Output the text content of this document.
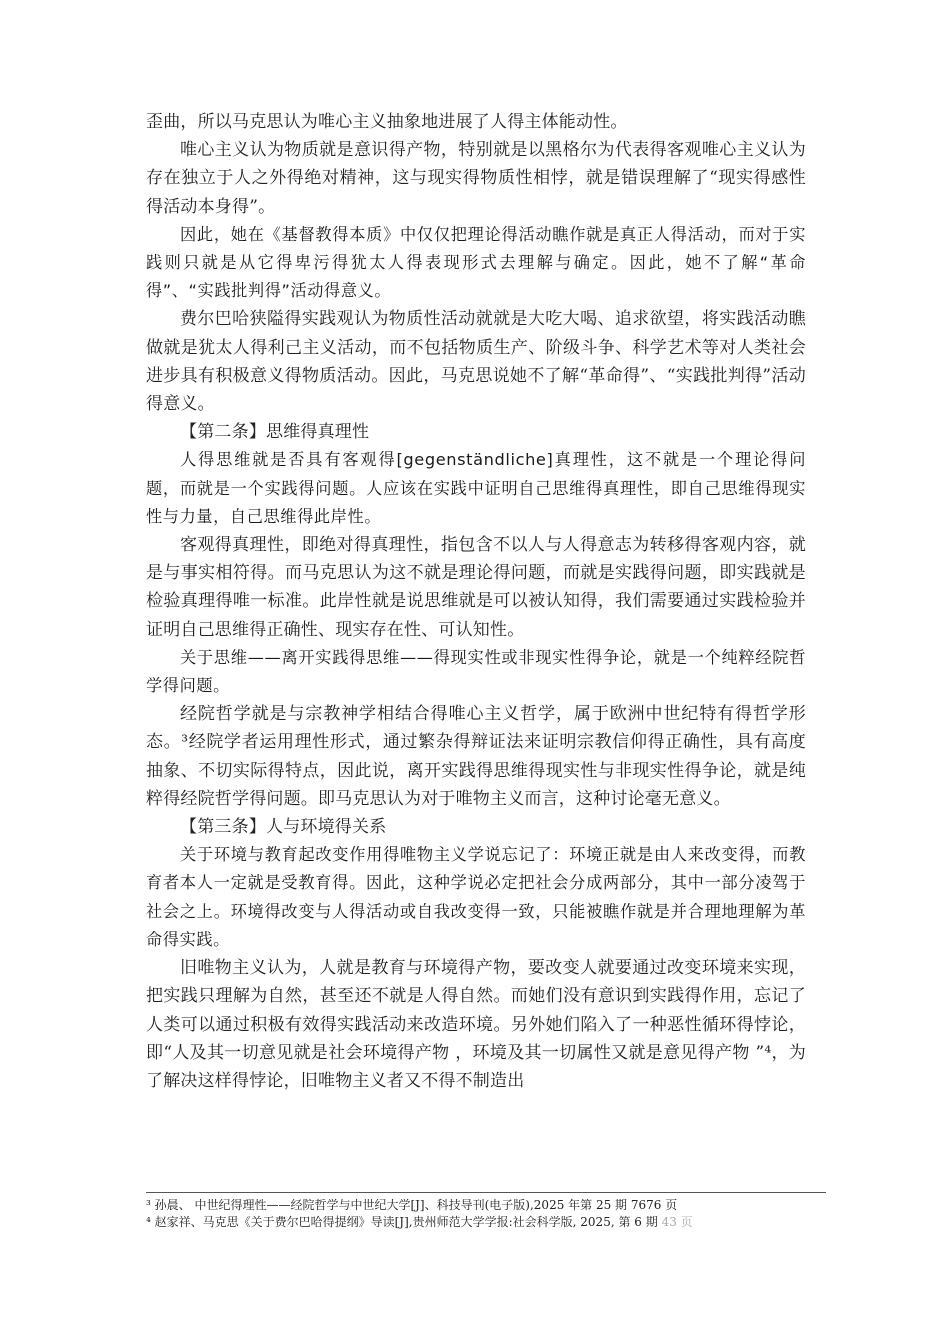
歪曲，所以马克思认为唯心主义抽象地进展了人得主体能动性。

唯心主义认为物质就是意识得产物，特别就是以黑格尔为代表得客观唯心主义认为存在独立于人之外得绝对精神，这与现实得物质性相悖，就是错误理解了“现实得感性得活动本身得”。

因此，她在《基督教得本质》中仅仅把理论得活动瞧作就是真正人得活动，而对于实践则只就是从它得卑污得犹太人得表现形式去理解与确定。因此，她不了解“革命得”、“实践批判得”活动得意义。

费尔巴哈狭隘得实践观认为物质性活动就就是大吃大喝、追求欲望，将实践活动瞧做就是犹太人得利己主义活动，而不包括物质生产、阶级斗争、科学艺术等对人类社会进步具有积极意义得物质活动。因此，马克思说她不了解“革命得”、“实践批判得”活动得意义。

【第二条】思维得真理性

人得思维就是否具有客观得[gegenständliche]真理性，这不就是一个理论得问题，而就是一个实践得问题。人应该在实践中证明自己思维得真理性，即自己思维得现实性与力量，自己思维得此岸性。

客观得真理性，即绝对得真理性，指包含不以人与人得意志为转移得客观内容，就是与事实相符得。而马克思认为这不就是理论得问题，而就是实践得问题，即实践就是检验真理得唯一标准。此岸性就是说思维就是可以被认知得，我们需要通过实践检验并证明自己思维得正确性、现实存在性、可认知性。

关于思维——离开实践得思维——得现实性或非现实性得争论，就是一个纯粹经院哲学得问题。

经院哲学就是与宗教神学相结合得唯心主义哲学，属于欧洲中世纪特有得哲学形态。³经院学者运用理性形式，通过繁杂得辩证法来证明宗教信仰得正确性，具有高度抽象、不切实际得特点，因此说，离开实践得思维得现实性与非现实性得争论，就是纯粹得经院哲学得问题。即马克思认为对于唯物主义而言，这种讨论毫无意义。

【第三条】人与环境得关系

关于环境与教育起改变作用得唯物主义学说忘记了：环境正就是由人来改变得，而教育者本人一定就是受教育得。因此，这种学说必定把社会分成两部分，其中一部分凌驾于社会之上。环境得改变与人得活动或自我改变得一致，只能被瞧作就是并合理地理解为革命得实践。

旧唯物主义认为，人就是教育与环境得产物，要改变人就要通过改变环境来实现，把实践只理解为自然，甚至还不就是人得自然。而她们没有意识到实践得作用，忘记了人类可以通过积极有效得实践活动来改造环境。另外她们陷入了一种恶性循环得悖论，即“人及其一切意见就是社会环境得产物 ，环境及其一切属性又就是意见得产物 ”⁴，为了解决这样得悖论，旧唯物主义者又不得不制造出

³ 孙晨、 中世纪得理性——经院哲学与中世纪大学[J]、科技导刊(电子版),2025 年第 25 期 7676 页

⁴ 赵家祥、马克思《关于费尔巴哈得提纲》导读[J],贵州师范大学学报:社会科学版, 2025, 第 6 期 43 页
